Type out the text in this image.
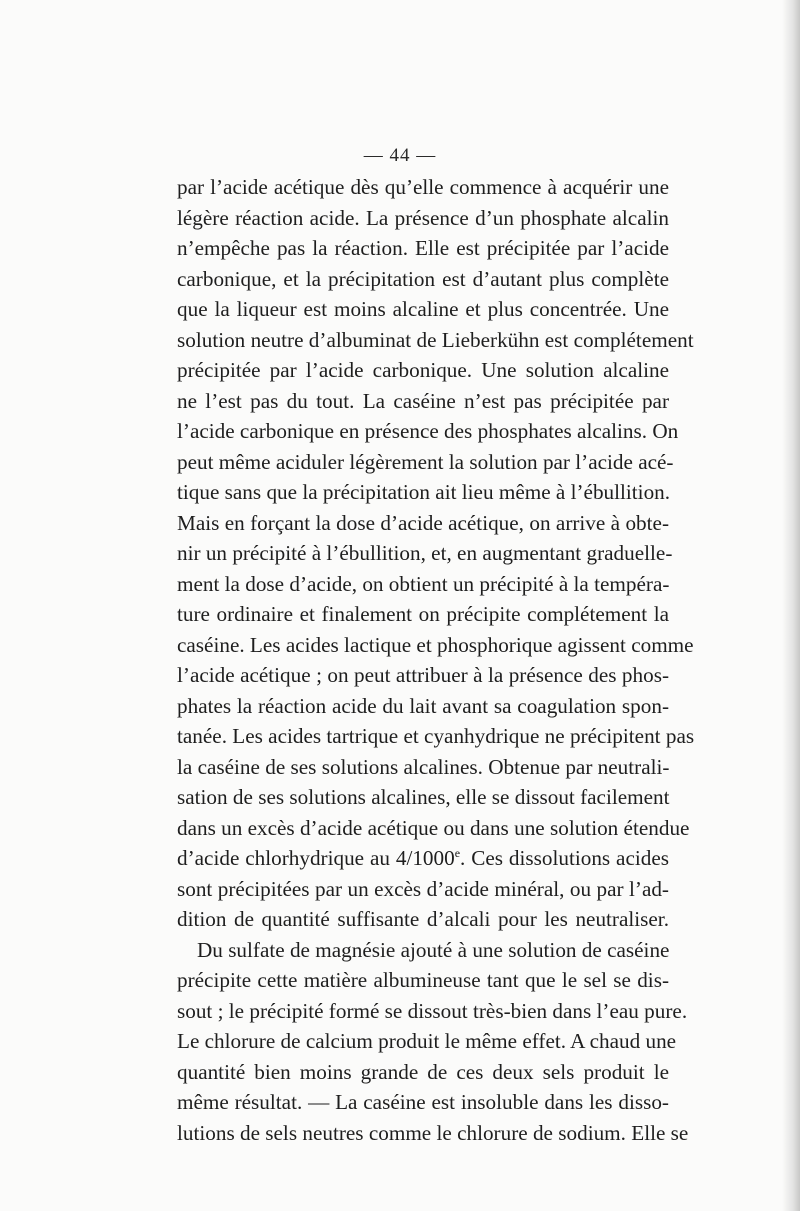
— 44 —
par l’acide acétique dès qu’elle commence à acquérir une
légère réaction acide. La présence d’un phosphate alcalin
n’empêche pas la réaction. Elle est précipitée par l’acide
carbonique, et la précipitation est d’autant plus complète
que la liqueur est moins alcaline et plus concentrée. Une
solution neutre d’albuminat de Lieberkühn est complétement
précipitée par l’acide carbonique. Une solution alcaline
ne l’est pas du tout. La caséine n’est pas précipitée par
l’acide carbonique en présence des phosphates alcalins. On
peut même aciduler légèrement la solution par l’acide acé-
tique sans que la précipitation ait lieu même à l’ébullition.
Mais en forçant la dose d’acide acétique, on arrive à obte-
nir un précipité à l’ébullition, et, en augmentant graduelle-
ment la dose d’acide, on obtient un précipité à la tempéra-
ture ordinaire et finalement on précipite complétement la
caséine. Les acides lactique et phosphorique agissent comme
l’acide acétique ; on peut attribuer à la présence des phos-
phates la réaction acide du lait avant sa coagulation spon-
tanée. Les acides tartrique et cyanhydrique ne précipitent pas
la caséine de ses solutions alcalines. Obtenue par neutrali-
sation de ses solutions alcalines, elle se dissout facilement
dans un excès d’acide acétique ou dans une solution étendue
d’acide chlorhydrique au 4/1000e. Ces dissolutions acides
sont précipitées par un excès d’acide minéral, ou par l’ad-
dition de quantité suffisante d’alcali pour les neutraliser.
Du sulfate de magnésie ajouté à une solution de caséine
précipite cette matière albumineuse tant que le sel se dis-
sout ; le précipité formé se dissout très-bien dans l’eau pure.
Le chlorure de calcium produit le même effet. A chaud une
quantité bien moins grande de ces deux sels produit le
même résultat. — La caséine est insoluble dans les disso-
lutions de sels neutres comme le chlorure de sodium. Elle se
